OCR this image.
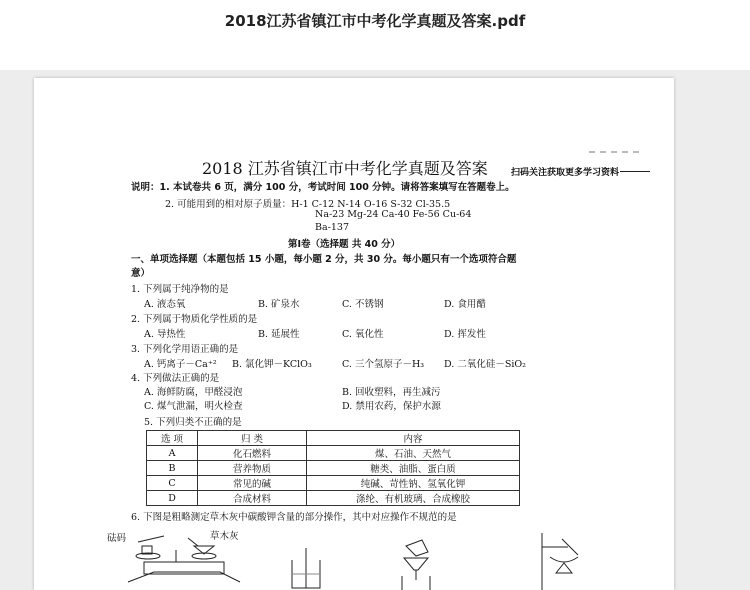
2018江苏省镇江市中考化学真题及答案.pdf
2018 江苏省镇江市中考化学真题及答案	扫码关注获取更多学习资料
说明：1. 本试卷共 6 页，满分 100 分，考试时间 100 分钟。请将答案填写在答题卷上。
2. 可能用到的相对原子质量：H-1 C-12 N-14 O-16 S-32 Cl-35.5
Na-23 Mg-24 Ca-40 Fe-56 Cu-64
Ba-137
第Ⅰ卷（选择题 共 40 分）
一、单项选择题（本题包括 15 小题，每小题 2 分，共 30 分。每小题只有一个选项符合题
意）
1. 下列属于纯净物的是
A. 液态氧	B. 矿泉水	C. 不锈钢	D. 食用醋
2. 下列属于物质化学性质的是
A. 导热性	B. 延展性	C. 氧化性	D. 挥发性
3. 下列化学用语正确的是
A. 钙离子－Ca⁺² B. 氯化钾－KClO₃	C. 三个氢原子－H₃ D. 二氧化硅－SiO₂
4. 下列做法正确的是
A. 海鲜防腐，甲醛浸泡	B. 回收塑料，再生减污
C. 煤气泄漏，明火检查	D. 禁用农药，保护水源
5. 下列归类不正确的是
选 项	归 类	内容
A	化石燃料	煤、石油、天然气
B	营养物质	糖类、油脂、蛋白质
C	常见的碱	纯碱、苛性钠、氢氧化钾
D	合成材料	涤纶、有机玻璃、合成橡胶
6. 下图是粗略测定草木灰中碳酸钾含量的部分操作，其中对应操作不规范的是
砝码	草木灰
